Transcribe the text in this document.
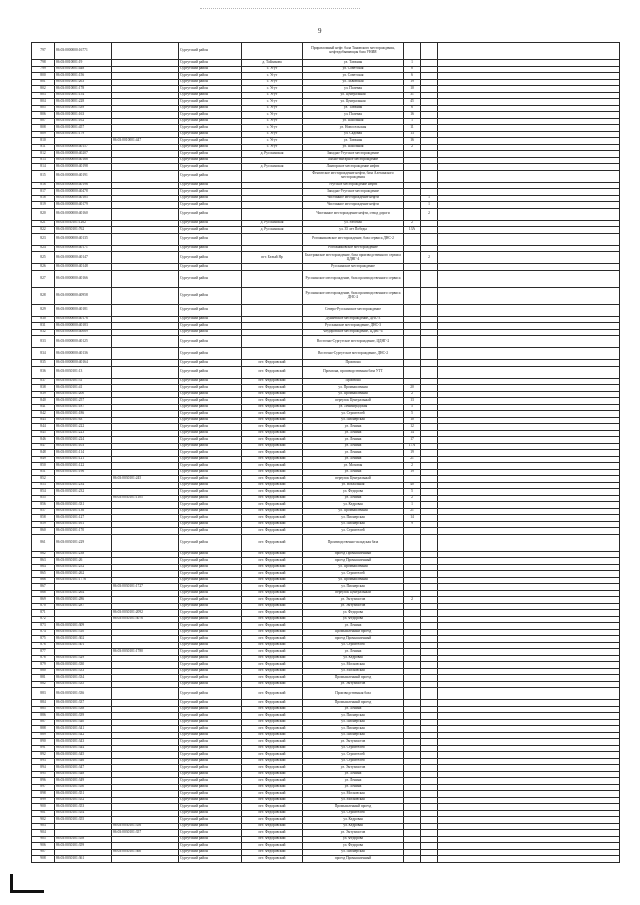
9
797	86:03:0000000:16771		Сургутский район		Приразломный нефт. бала Тяновского месторождения, нефтедобывающая база УНИЯ			
798	86:03:0010001:19		Сургутский район	д. Тайлакова	ул. Таежная	1		
799	86:03:0010001:448		Сургутский район	с. Угут	ул. Советская	8		
800	86:03:0010001:156		Сургутский район	с. Угут	ул. Советская	6		
801	86:03:0010001:263		Сургутский район	с. Угут	ул. Львовская	19		
802	86:03:0010001:178		Сургутский район	с. Угут	ул. Полевая	10		
803	86:03:0010001:154		Сургутский район	с. Угут	ул. Центральная	31		
804	86:03:0010001:228		Сургутский район	с. Угут	ул. Центральная	45		
805	86:03:0010001:339		Сургутский район	с. Угут	ул. Таежная	6		
806	86:03:0010001:163		Сургутский район	с. Угут	ул. Полевая	16		
807	86:03:0010001:162		Сургутский район	с. Угут	ул. Школьная	1		
808	86:03:0010001:457		Сургутский район	с. Угут	ул. Новосельская	11		
809	86:03:0010001:179		Сургутский район	с. Угут	ул. Садовая	13		
810		86:03:0010001:447	Сургутский район	с. Угут	ул. Таежная	16		
811	86:03:0000000:40157		Сургутский район	с. Угут	ул. Школьная	2		
812	86:03:0000000:40207		Сургутский район	д. Русскинская	Западно-Угутское месторождение			
813	86:03:0000000:40168		Сургутский район		Ляхно-Янтарное месторождение			
814	86:03:0000000:40198		Сургутский район	д. Русскинская	Лянторское месторождение нефти			
815	86:03:0000000:40191		Сургутский район		Фенгатское месторождение нефти, база Алехинского месторождения			
816	86:03:0000000:40196		Сургутский район		Угутское месторождение нефти			
817	86:03:0000000:40478		Сургутский район		Западно-Угутское месторождение			
818	86:03:0000000:40185		Сургутский район		Чистинное месторождение нефти		1	
819	86:03:0000000:40179		Сургутский район		Чистинное месторождение нефти		1	
820	86:03:0000000:40160		Сургутский район		Чистинное месторождение нефти, отвод дороги		2	
821	86:03:0030101:1262		Сургутский район	д. Русскинская	ул. Рабочая	2		
822	86:03:0030101:762		Сургутский район	д. Русскинская	ул. 35 лет Победы	13А		
823	86:03:0000000:40135		Сургутский район		Рогожниковское месторождение, база сервиса ДНС-2			
824	86:03:0000000:40171		Сургутский район		Рогожниковское месторождение			
825	86:03:0000000:40147		Сургутский район	пгт. Белый Яр	Быстринское месторождение, база производственного сервиса ЦДНГ-4		2	
826	86:03:0000000:40148		Сургутский район		Русскинское месторождение			
827	86:03:0000000:40166		Сургутский район		Русскинское месторождение, база производственного сервиса			
828	86:03:0000000:40958		Сургутский район		Русскинское месторождение, база производственного сервиса ДНС-2			
829	86:03:0000000:40181		Сургутский район		Северо-Русскинское месторождение			
830	86:03:0000000:40176		Сургутский район		Дунаевское месторождение, ДНС-3			
831	86:03:0000000:40183		Сургутский район		Русскинское месторождение, ДНС-3			
832	86:03:0000000:40069		Сургутский район		Федоровское месторождение, ЦДНГ-4			
833	86:03:0000000:40125		Сургутский район		Восточно-Сургутское месторождение, ЦДНГ-2			
834	86:03:0000000:40136		Сургутский район		Восточно-Сургутское месторождение, ДНС-2			
835	86:03:0000000:40164		Сургутский район	пгт. Федоровский	Промзона			
836	86:03:0030101:13		Сургутский район	пгт. Федоровский	Промзона, производственная база УТТ			
837	86:03:0030101:31		Сургутский район	пгт. Федоровский	Промзона			
838	86:03:0030101:41		Сургутский район	пгт. Федоровский	ул. Промышленная	20		
839	86:03:0030101:200		Сургутский район	пгт. Федоровский	ул. Промышленная	2		
840	86:03:0030101:257		Сургутский район	пгт. Федоровский	переулок Центральный	13		
841	86:03:0030101:187		Сургутский район	пгт. Федоровский	ул. Ленинградская	5		
842	86:03:0030101:186		Сургутский район	пгт. Федоровский	ул. Строителей	5		
843	86:03:0030101:63		Сургутский район	пгт. Федоровский	ул. Пионерская	10		
844	86:03:0030101:222		Сургутский район	пгт. Федоровский	ул. Ленина	12		
845	86:03:0030101:223		Сургутский район	пгт. Федоровский	ул. Ленина	14		
846	86:03:0030101:224		Сургутский район	пгт. Федоровский	ул. Ленина	17		
847	86:03:0030101:103		Сургутский район	пгт. Федоровский	ул. Ленина	17А		
848	86:03:0030101:114		Сургутский район	пгт. Федоровский	ул. Ленина	19		
849	86:03:0030101:121		Сургутский район	пгт. Федоровский	ул. Ленина	21		
850	86:03:0030101:122		Сургутский район	пгт. Федоровский	ул. Моховая	2		
851	86:03:0030101:196		Сургутский район	пгт. Федоровский	ул. Ленина	19		
852		86:03:0030101:245	Сургутский район	пгт. Федоровский	переулок Центральный			
853	86:03:0030101:234		Сургутский район	пгт. Федоровский	ул. Вокзальная	40		
854	86:03:0030101:232		Сургутский район	пгт. Федоровский	ул. Федорова	5		
855		86:03:0030101:1105	Сургутский район	пгт. Федоровский	ул. Ленина	2		
856	86:03:0030101:331		Сургутский район	пгт. Федоровский	ул. Кедровая	1		
857	86:03:0030101:136		Сургутский район	пгт. Федоровский	ул. Промышленная	21		
858	86:03:0030101:127		Сургутский район	пгт. Федоровский	ул. Пионерская	14		
859	86:03:0030101:161		Сургутский район	пгт. Федоровский	ул. Пионерская	9		
860	86:03:0030101:170		Сургутский район	пгт. Федоровский	ул. Строителей			
861	86:03:0030101:229		Сургутский район	пгт. Федоровский	Производственно-складская база			
862	86:03:0030101:238		Сургутский район	пгт. Федоровский	проезд Промышленный			
863	86:03:0030101:26		Сургутский район	пгт. Федоровский	проезд Промышленный			
864	86:03:0030101:252		Сургутский район	пгт. Федоровский	ул. Промышленная			
865	86:03:0030101:262		Сургутский район	пгт. Федоровский	ул. Строителей			
866	86:03:0030101:1776		Сургутский район	пгт. Федоровский	ул. Промышленная			
867		86:03:0030101:1727	Сургутский район	пгт. Федоровский	ул. Пионерская			
868	86:03:0030101:264		Сургутский район	пгт. Федоровский	переулок Центральный			
869	86:03:0030101:286		Сургутский район	пгт. Федоровский	ул. Энтузиастов	2		
870	86:03:0030101:287		Сургутский район	пгт. Федоровский	ул. Энтузиастов			
871		86:03:0030101:2092	Сургутский район	пгт. Федоровский	ул. Федорова			
872		86:03:0030101:3076	Сургутский район	пгт. Федоровский	ул. Федорова			
873	86:03:0030101:309		Сургутский район	пгт. Федоровский	ул. Ленина			
874	86:03:0030101:310		Сургутский район	пгт. Федоровский	Промышленный проезд			
875	86:03:0030101:302		Сургутский район	пгт. Федоровский	проезд Промышленный			
876	86:03:0030101:301		Сургутский район	пгт. Федоровский	ул. Строителей			
877		86:03:0030101:1780	Сургутский район	пгт. Федоровский	ул. Ленина			
878	86:03:0030101:329		Сургутский район	пгт. Федоровский	ул. Кедровая			
879	86:03:0030101:330		Сургутский район	пгт. Федоровский	ул. Московская			
880	86:03:0030101:333		Сургутский район	пгт. Федоровский	ул. Московская			
881	86:03:0030101:334		Сургутский район	пгт. Федоровский	Промышленный проезд			
882	86:03:0030101:335		Сургутский район	пгт. Федоровский	ул. Энтузиастов			
883	86:03:0030101:336		Сургутский район	пгт. Федоровский	Производственная база			
884	86:03:0030101:337		Сургутский район	пгт. Федоровский	Промышленный проезд			
885	86:03:0030101:338		Сургутский район	пгт. Федоровский	ул. Ленина			
886	86:03:0030101:339		Сургутский район	пгт. Федоровский	ул. Пионерская			
887	86:03:0030101:340		Сургутский район	пгт. Федоровский	ул. Пионерская			
888	86:03:0030101:341		Сургутский район	пгт. Федоровский	ул. Пионерская			
889	86:03:0030101:342		Сургутский район	пгт. Федоровский	ул. Пионерская			
890	86:03:0030101:343		Сургутский район	пгт. Федоровский	ул. Энтузиастов			
891	86:03:0030101:344		Сургутский район	пгт. Федоровский	ул. Строителей			
892	86:03:0030101:345		Сургутский район	пгт. Федоровский	ул. Строителей			
893	86:03:0030101:346		Сургутский район	пгт. Федоровский	ул. Строителей			
894	86:03:0030101:347		Сургутский район	пгт. Федоровский	ул. Энтузиастов			
895	86:03:0030101:348		Сургутский район	пгт. Федоровский	ул. Ленина			
896	86:03:0030101:349		Сургутский район	пгт. Федоровский	ул. Ленина			
897	86:03:0030101:350		Сургутский район	пгт. Федоровский	ул. Ленина			
898	86:03:0030101:351		Сургутский район	пгт. Федоровский	ул. Московская			
899	86:03:0030101:352		Сургутский район	пгт. Федоровский	ул. Московская			
900	86:03:0030101:353		Сургутский район	пгт. Федоровский	Промышленный проезд			
901	86:03:0030101:354		Сургутский район	пгт. Федоровский	ул. Строителей			
902	86:03:0030101:355		Сургутский район	пгт. Федоровский	ул. Кедровая			
903		86:03:0030101:356	Сургутский район	пгт. Федоровский	ул. Кедровая			
904		86:03:0030101:357	Сургутский район	пгт. Федоровский	ул. Энтузиастов			
905	86:03:0030101:358		Сургутский район	пгт. Федоровский	ул. Федорова			
906	86:03:0030101:359		Сургутский район	пгт. Федоровский	ул. Федорова			
907		86:03:0030101:360	Сургутский район	пгт. Федоровский	ул. Пионерская			
908	86:03:0030101:361		Сургутский район	пгт. Федоровский	проезд Промышленный			
